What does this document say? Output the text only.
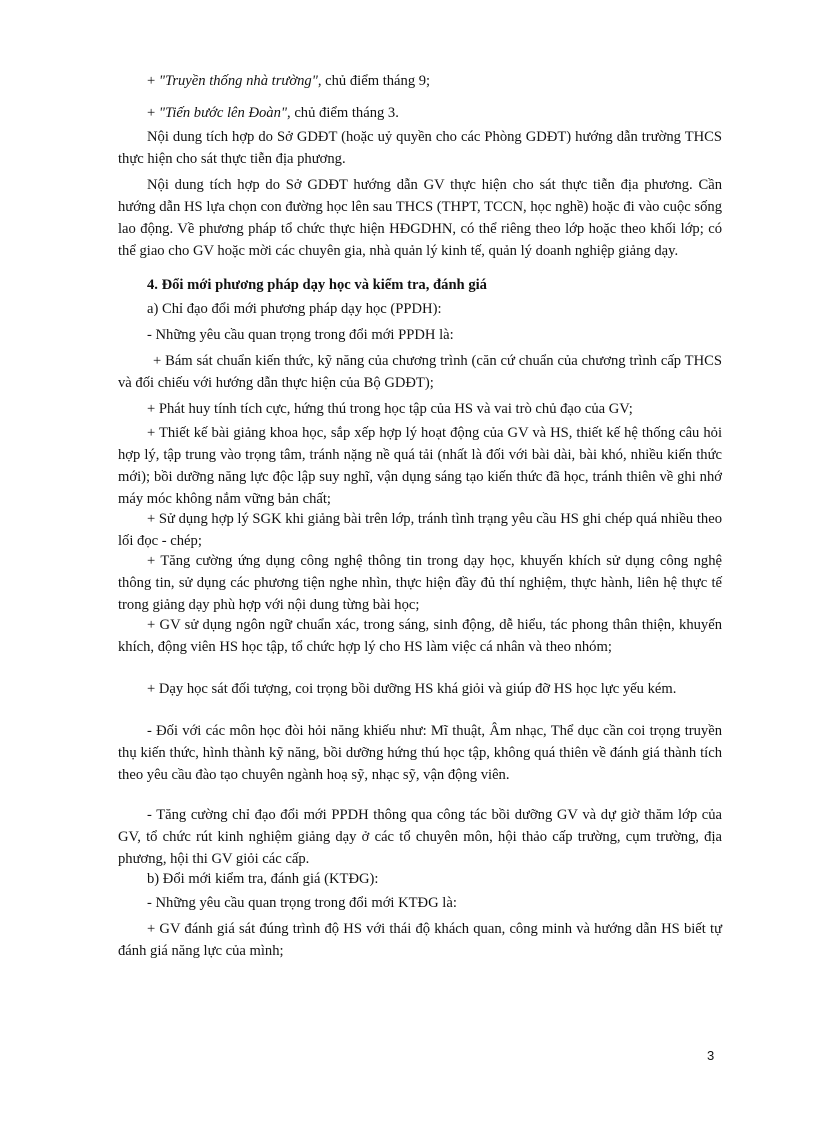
+ "Truyền thống nhà trường", chủ điểm tháng 9;

+ "Tiến bước lên Đoàn", chủ điểm tháng 3.

Nội dung tích hợp do Sở GDĐT (hoặc uỷ quyền cho các Phòng GDĐT) hướng dẫn trường THCS thực hiện cho sát thực tiễn địa phương.

Nội dung tích hợp do Sở GDĐT hướng dẫn GV thực hiện cho sát thực tiễn địa phương. Cần hướng dẫn HS lựa chọn con đường học lên sau THCS (THPT, TCCN, học nghề) hoặc đi vào cuộc sống lao động. Về phương pháp tổ chức thực hiện HĐGDHN, có thể riêng theo lớp hoặc theo khối lớp; có thể giao cho GV hoặc mời các chuyên gia, nhà quản lý kinh tế, quản lý doanh nghiệp giảng dạy.

4. Đổi mới phương pháp dạy học và kiểm tra, đánh giá

a) Chỉ đạo đổi mới phương pháp dạy học (PPDH):

- Những yêu cầu quan trọng trong đổi mới PPDH là:

+ Bám sát chuẩn kiến thức, kỹ năng của chương trình (căn cứ chuẩn của chương trình cấp THCS và đối chiếu với hướng dẫn thực hiện của Bộ GDĐT);

+ Phát huy tính tích cực, hứng thú trong học tập của HS và vai trò chủ đạo của GV;

+ Thiết kế bài giảng khoa học, sắp xếp hợp lý hoạt động của GV và HS, thiết kế hệ thống câu hỏi hợp lý, tập trung vào trọng tâm, tránh nặng nề quá tải (nhất là đối với bài dài, bài khó, nhiều kiến thức mới); bồi dưỡng năng lực độc lập suy nghĩ, vận dụng sáng tạo kiến thức đã học, tránh thiên về ghi nhớ máy móc không nắm vững bản chất;

+ Sử dụng hợp lý SGK khi giảng bài trên lớp, tránh tình trạng yêu cầu HS ghi chép quá nhiều theo lối đọc - chép;

+ Tăng cường ứng dụng công nghệ thông tin trong dạy học, khuyến khích sử dụng công nghệ thông tin, sử dụng các phương tiện nghe nhìn, thực hiện đầy đủ thí nghiệm, thực hành, liên hệ thực tế trong giảng dạy phù hợp với nội dung từng bài học;

+ GV sử dụng ngôn ngữ chuẩn xác, trong sáng, sinh động, dễ hiểu, tác phong thân thiện, khuyến khích, động viên HS học tập, tổ chức hợp lý cho HS làm việc cá nhân và theo nhóm;

+ Dạy học sát đối tượng, coi trọng bồi dưỡng HS khá giỏi và giúp đỡ HS học lực yếu kém.

- Đối với các môn học đòi hỏi năng khiếu như: Mĩ thuật, Âm nhạc, Thể dục cần coi trọng truyền thụ kiến thức, hình thành kỹ năng, bồi dưỡng hứng thú học tập, không quá thiên về đánh giá thành tích theo yêu cầu đào tạo chuyên ngành hoạ sỹ, nhạc sỹ, vận động viên.

- Tăng cường chỉ đạo đổi mới PPDH thông qua công tác bồi dưỡng GV và dự giờ thăm lớp của GV, tổ chức rút kinh nghiệm giảng dạy ở các tổ chuyên môn, hội thảo cấp trường, cụm trường, địa phương, hội thi GV giỏi các cấp.

b) Đổi mới kiểm tra, đánh giá (KTĐG):

- Những yêu cầu quan trọng trong đổi mới KTĐG là:

+ GV đánh giá sát đúng trình độ HS với thái độ khách quan, công minh và hướng dẫn HS biết tự đánh giá năng lực của mình;

3
